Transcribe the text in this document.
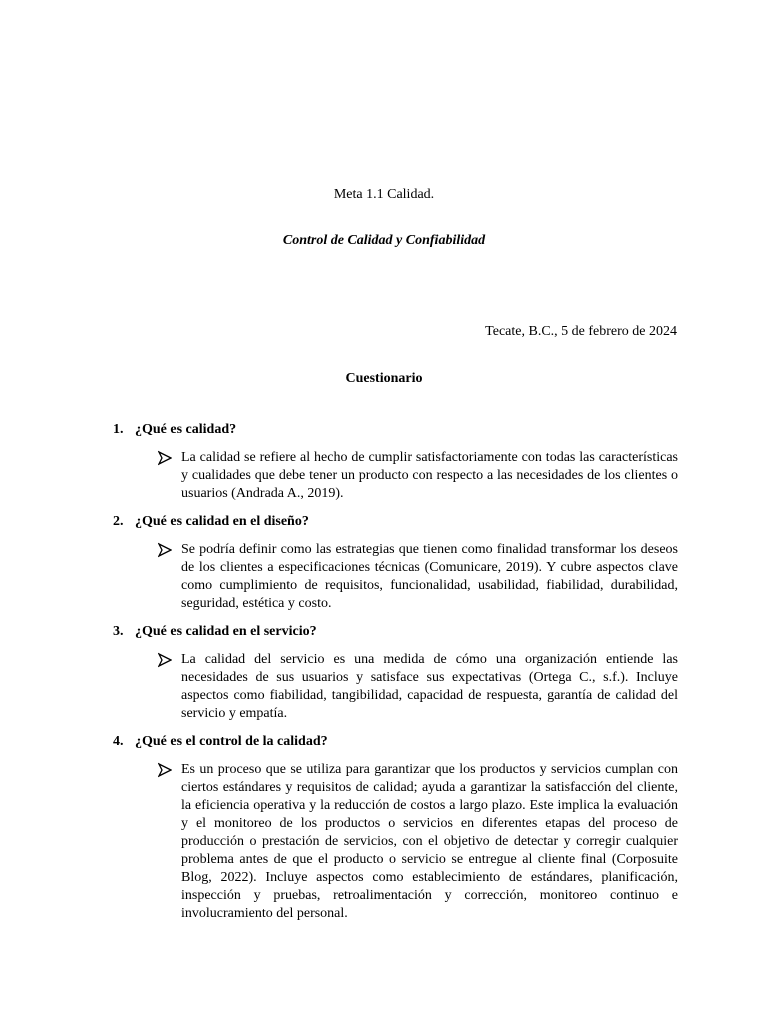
Meta 1.1 Calidad.
Control de Calidad y Confiabilidad
Tecate, B.C., 5 de febrero de 2024
Cuestionario
1. ¿Qué es calidad?
La calidad se refiere al hecho de cumplir satisfactoriamente con todas las características y cualidades que debe tener un producto con respecto a las necesidades de los clientes o usuarios (Andrada A., 2019).
2. ¿Qué es calidad en el diseño?
Se podría definir como las estrategias que tienen como finalidad transformar los deseos de los clientes a especificaciones técnicas (Comunicare, 2019). Y cubre aspectos clave como cumplimiento de requisitos, funcionalidad, usabilidad, fiabilidad, durabilidad, seguridad, estética y costo.
3. ¿Qué es calidad en el servicio?
La calidad del servicio es una medida de cómo una organización entiende las necesidades de sus usuarios y satisface sus expectativas (Ortega C., s.f.). Incluye aspectos como fiabilidad, tangibilidad, capacidad de respuesta, garantía de calidad del servicio y empatía.
4. ¿Qué es el control de la calidad?
Es un proceso que se utiliza para garantizar que los productos y servicios cumplan con ciertos estándares y requisitos de calidad; ayuda a garantizar la satisfacción del cliente, la eficiencia operativa y la reducción de costos a largo plazo. Este implica la evaluación y el monitoreo de los productos o servicios en diferentes etapas del proceso de producción o prestación de servicios, con el objetivo de detectar y corregir cualquier problema antes de que el producto o servicio se entregue al cliente final (Corposuite Blog, 2022). Incluye aspectos como establecimiento de estándares, planificación, inspección y pruebas, retroalimentación y corrección, monitoreo continuo e involucramiento del personal.
